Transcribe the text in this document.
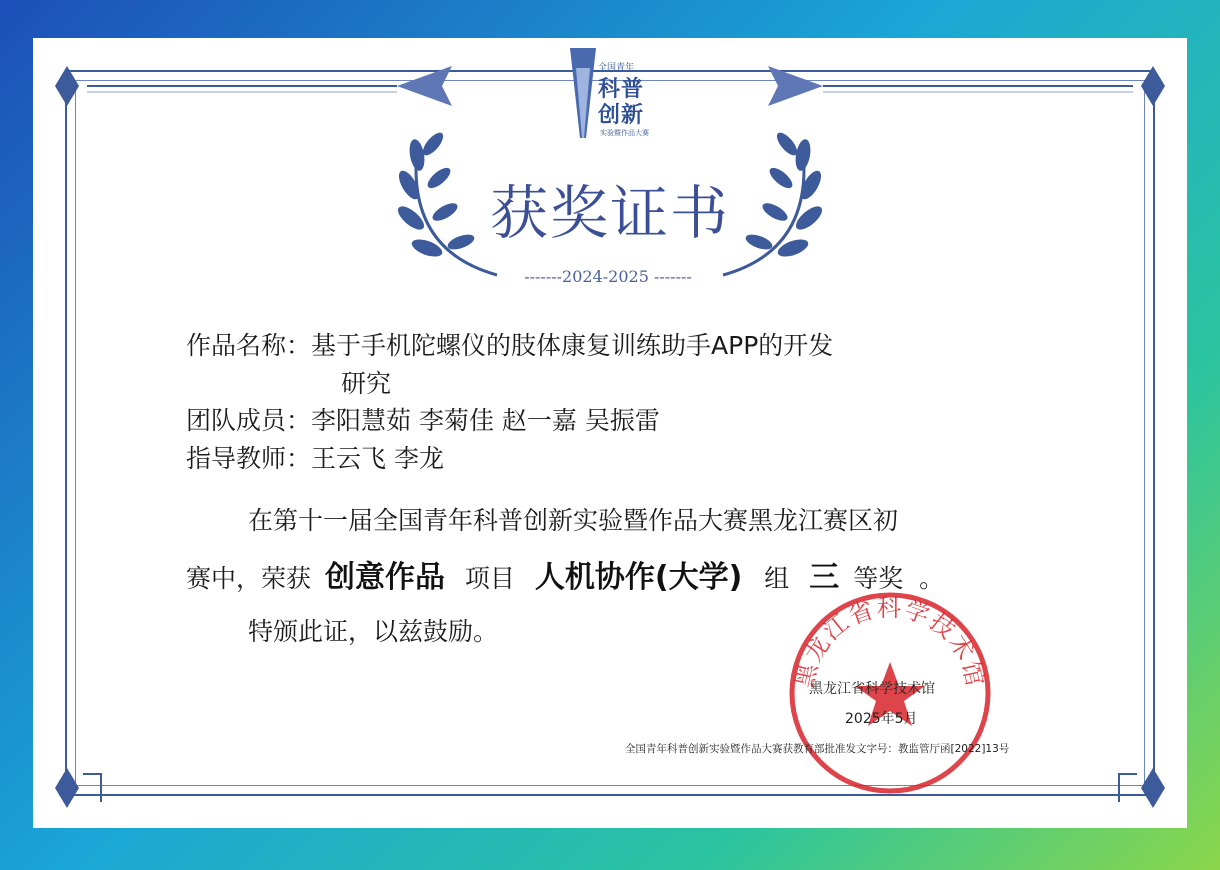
全国青年
科普
创新
实验暨作品大赛
获奖证书
-------2024-2025 -------
作品名称：基于手机陀螺仪的肢体康复训练助手APP的开发
研究
团队成员：李阳慧茹 李菊佳 赵一嘉 吴振雷
指导教师：王云飞 李龙
在第十一届全国青年科普创新实验暨作品大赛黑龙江赛区初
赛中，荣获 创意作品 项目 人机协作(大学) 组 三 等奖 。
特颁此证，以兹鼓励。
黑龙江省科学技术馆
黑龙江省科学技术馆
2025年5月
全国青年科普创新实验暨作品大赛获教育部批准发文字号：教监管厅函[2022]13号
